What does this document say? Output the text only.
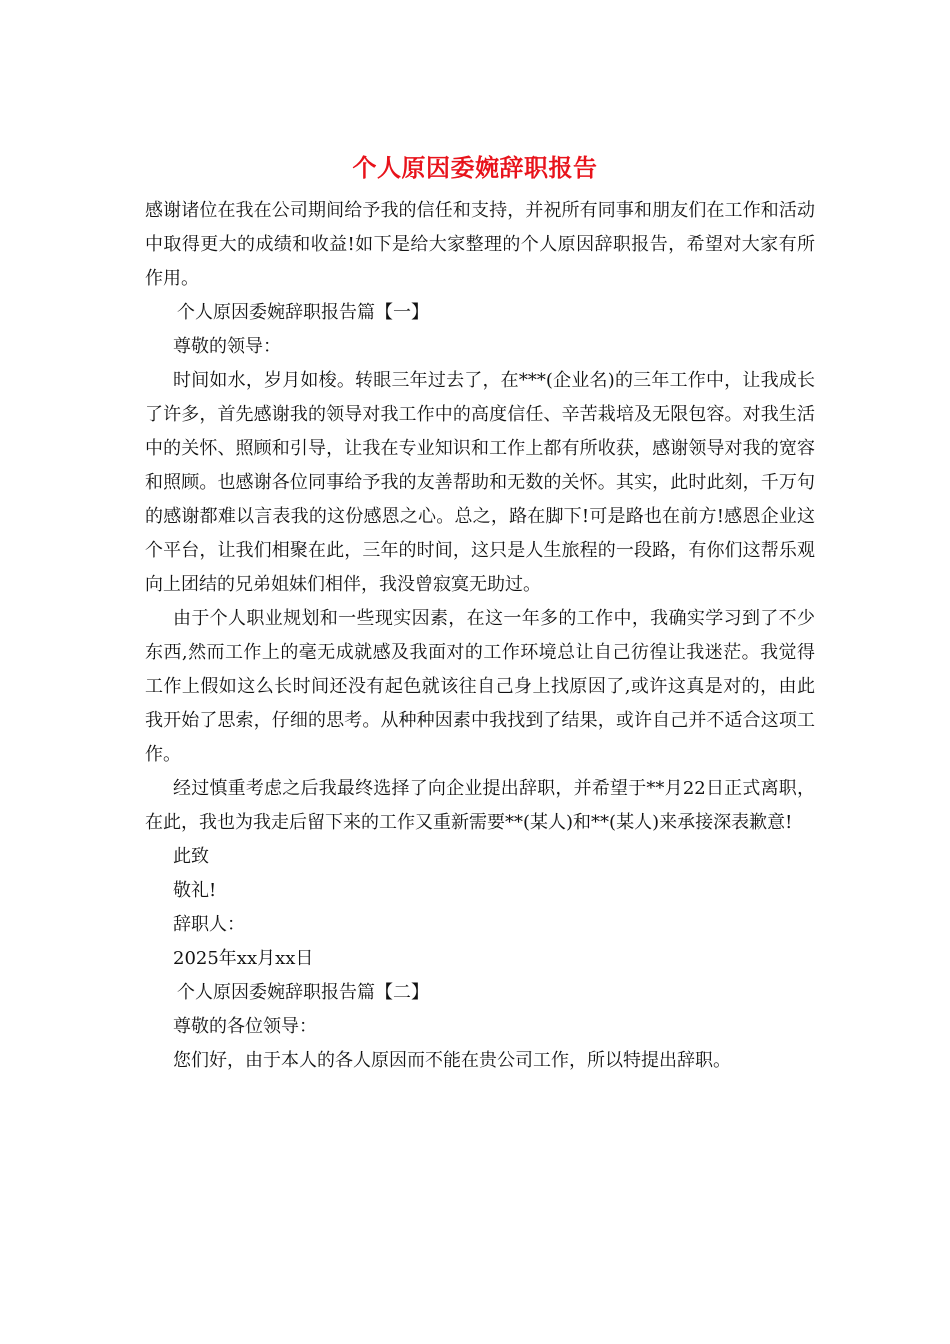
个人原因委婉辞职报告

感谢诸位在我在公司期间给予我的信任和支持，并祝所有同事和朋友们在工作和活动中取得更大的成绩和收益!如下是给大家整理的个人原因辞职报告，希望对大家有所作用。

个人原因委婉辞职报告篇【一】

尊敬的领导：

时间如水，岁月如梭。转眼三年过去了，在***(企业名)的三年工作中，让我成长了许多，首先感谢我的领导对我工作中的高度信任、辛苦栽培及无限包容。对我生活中的关怀、照顾和引导，让我在专业知识和工作上都有所收获，感谢领导对我的宽容和照顾。也感谢各位同事给予我的友善帮助和无数的关怀。其实，此时此刻，千万句的感谢都难以言表我的这份感恩之心。总之，路在脚下!可是路也在前方!感恩企业这个平台，让我们相聚在此，三年的时间，这只是人生旅程的一段路，有你们这帮乐观向上团结的兄弟姐妹们相伴，我没曾寂寞无助过。

由于个人职业规划和一些现实因素，在这一年多的工作中，我确实学习到了不少东西,然而工作上的毫无成就感及我面对的工作环境总让自己彷徨让我迷茫。我觉得工作上假如这么长时间还没有起色就该往自己身上找原因了,或许这真是对的，由此我开始了思索，仔细的思考。从种种因素中我找到了结果，或许自己并不适合这项工作。

经过慎重考虑之后我最终选择了向企业提出辞职，并希望于**月22日正式离职，在此，我也为我走后留下来的工作又重新需要**(某人)和**(某人)来承接深表歉意!

此致

敬礼!

辞职人：

2025年xx月xx日

个人原因委婉辞职报告篇【二】

尊敬的各位领导：

您们好，由于本人的各人原因而不能在贵公司工作，所以特提出辞职。
